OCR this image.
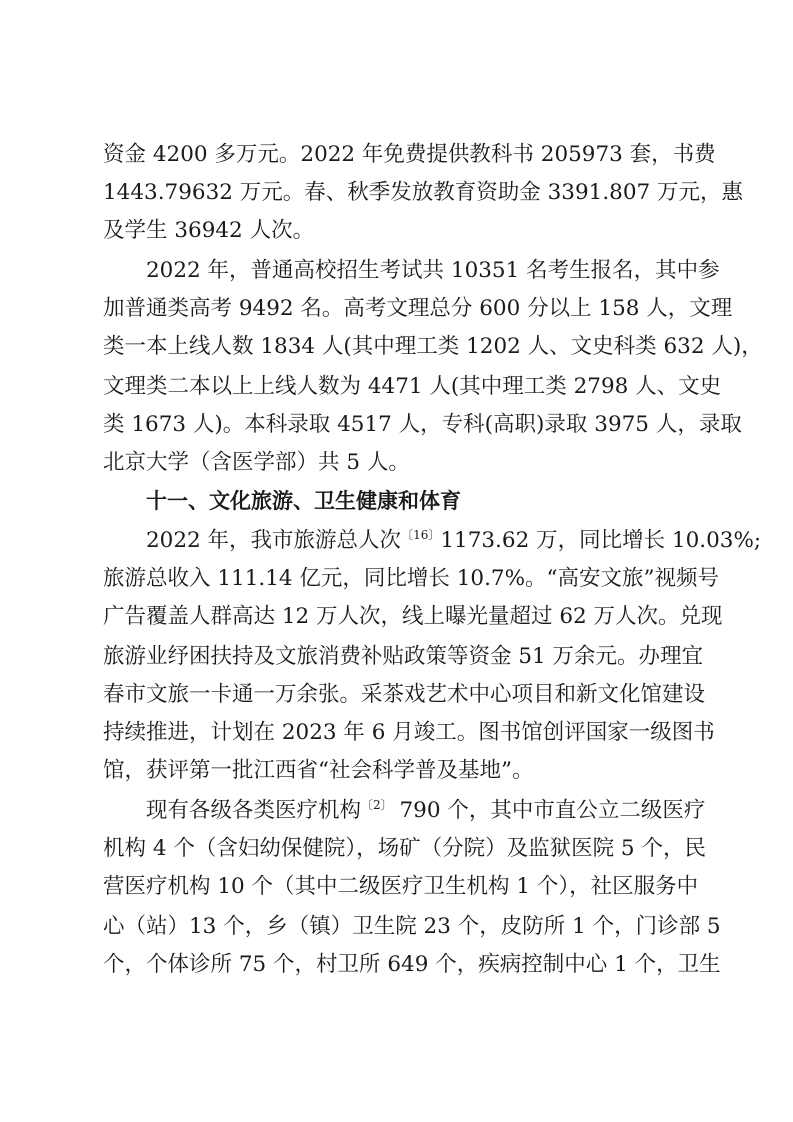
资金 4200 多万元。2022 年免费提供教科书 205973 套，书费
1443.79632 万元。春、秋季发放教育资助金 3391.807 万元，惠
及学生 36942 人次。
2022 年，普通高校招生考试共 10351 名考生报名，其中参
加普通类高考 9492 名。高考文理总分 600 分以上 158 人，文理
类一本上线人数 1834 人(其中理工类 1202 人、文史科类 632 人)，
文理类二本以上上线人数为 4471 人(其中理工类 2798 人、文史
类 1673 人)。本科录取 4517 人，专科(高职)录取 3975 人，录取
北京大学（含医学部）共 5 人。
十一、文化旅游、卫生健康和体育
2022 年，我市旅游总人次$^{〔16〕}$1173.62 万，同比增长 10.03%;
旅游总收入 111.14 亿元，同比增长 10.7%。“高安文旅”视频号
广告覆盖人群高达 12 万人次，线上曝光量超过 62 万人次。兑现
旅游业纾困扶持及文旅消费补贴政策等资金 51 万余元。办理宜
春市文旅一卡通一万余张。采茶戏艺术中心项目和新文化馆建设
持续推进，计划在 2023 年 6 月竣工。图书馆创评国家一级图书
馆，获评第一批江西省“社会科学普及基地”。
现有各级各类医疗机构$^{〔2〕}$ 790 个，其中市直公立二级医疗
机构 4 个（含妇幼保健院），场矿（分院）及监狱医院 5 个，民
营医疗机构 10 个（其中二级医疗卫生机构 1 个），社区服务中
心（站）13 个，乡（镇）卫生院 23 个，皮防所 1 个，门诊部 5
个，个体诊所 75 个，村卫所 649 个，疾病控制中心 1 个，卫生
